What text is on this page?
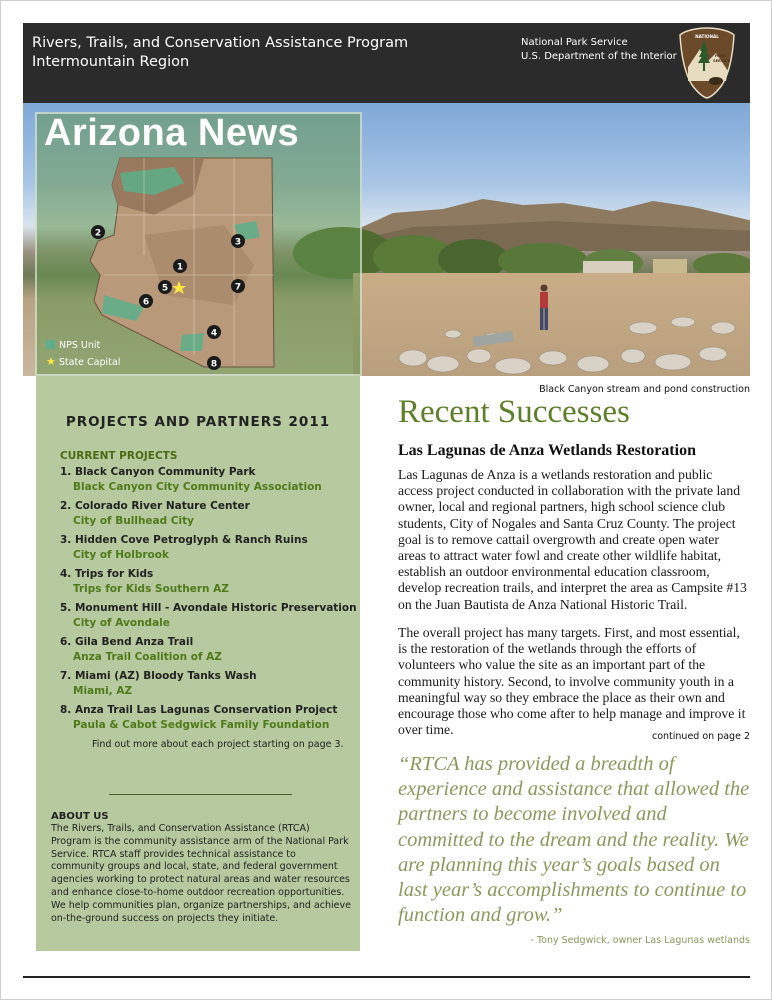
Rivers, Trails, and Conservation Assistance Program
Intermountain Region
National Park Service
U.S. Department of the Interior
NATIONAL
PARK
SERVICE
Arizona News
1
2
3
4
5
6
7
8
NPS Unit
★ State Capital
Black Canyon stream and pond construction
PROJECTS AND PARTNERS 2011
CURRENT PROJECTS
1. Black Canyon Community Park
Black Canyon City Community Association
2. Colorado River Nature Center
City of Bullhead City
3. Hidden Cove Petroglyph & Ranch Ruins
City of Holbrook
4. Trips for Kids
Trips for Kids Southern AZ
5. Monument Hill - Avondale Historic Preservation
City of Avondale
6. Gila Bend Anza Trail
Anza Trail Coalition of AZ
7. Miami (AZ) Bloody Tanks Wash
Miami, AZ
8. Anza Trail Las Lagunas Conservation Project
Paula & Cabot Sedgwick Family Foundation
Find out more about each project starting on page 3.
ABOUT US
The Rivers, Trails, and Conservation Assistance (RTCA) Program is the community assistance arm of the National Park Service. RTCA staff provides technical assistance to community groups and local, state, and federal government agencies working to protect natural areas and water resources and enhance close-to-home outdoor recreation opportunities. We help communities plan, organize partnerships, and achieve on-the-ground success on projects they initiate.
Recent Successes
Las Lagunas de Anza Wetlands Restoration
Las Lagunas de Anza is a wetlands restoration and public access project conducted in collaboration with the private land owner, local and regional partners, high school science club students, City of Nogales and Santa Cruz County. The project goal is to remove cattail overgrowth and create open water areas to attract water fowl and create other wildlife habitat, establish an outdoor environmental education classroom, develop recreation trails, and interpret the area as Campsite #13 on the Juan Bautista de Anza National Historic Trail.
The overall project has many targets. First, and most essential, is the restoration of the wetlands through the efforts of volunteers who value the site as an important part of the community history. Second, to involve community youth in a meaningful way so they embrace the place as their own and encourage those who come after to help manage and improve it over time.	continued on page 2
“RTCA has provided a breadth of experience and assistance that allowed the partners to become involved and committed to the dream and the reality. We are planning this year’s goals based on last year’s accomplishments to continue to function and grow.”
- Tony Sedgwick, owner Las Lagunas wetlands
